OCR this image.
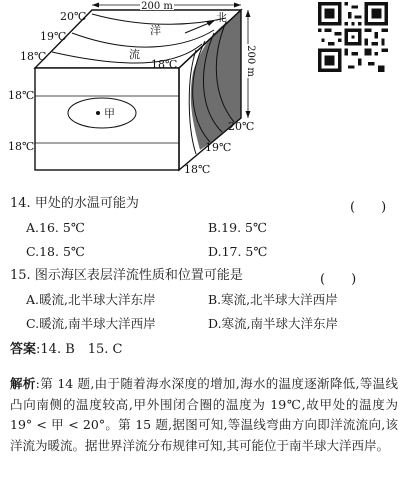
200 m
200 m
20℃
19℃
18℃
18℃
18℃
20℃
19℃
18℃
洋
流
北
甲
18℃
14. 甲处的水温可能为	(　　)
A.16. 5℃	B.19. 5℃
C.18. 5℃	D.17. 5℃
15. 图示海区表层洋流性质和位置可能是	(　　)
A.暖流,北半球大洋东岸	B.寒流,北半球大洋西岸
C.暖流,南半球大洋西岸	D.寒流,南半球大洋东岸
答案:14. B　15. C
解析:第 14 题,由于随着海水深度的增加,海水的温度逐渐降低,等温线凸向南侧的温度较高,甲外围闭合圈的温度为 19℃,故甲处的温度为 19° < 甲 < 20°。第 15 题,据图可知,等温线弯曲方向即洋流流向,该洋流为暖流。据世界洋流分布规律可知,其可能位于南半球大洋西岸。
